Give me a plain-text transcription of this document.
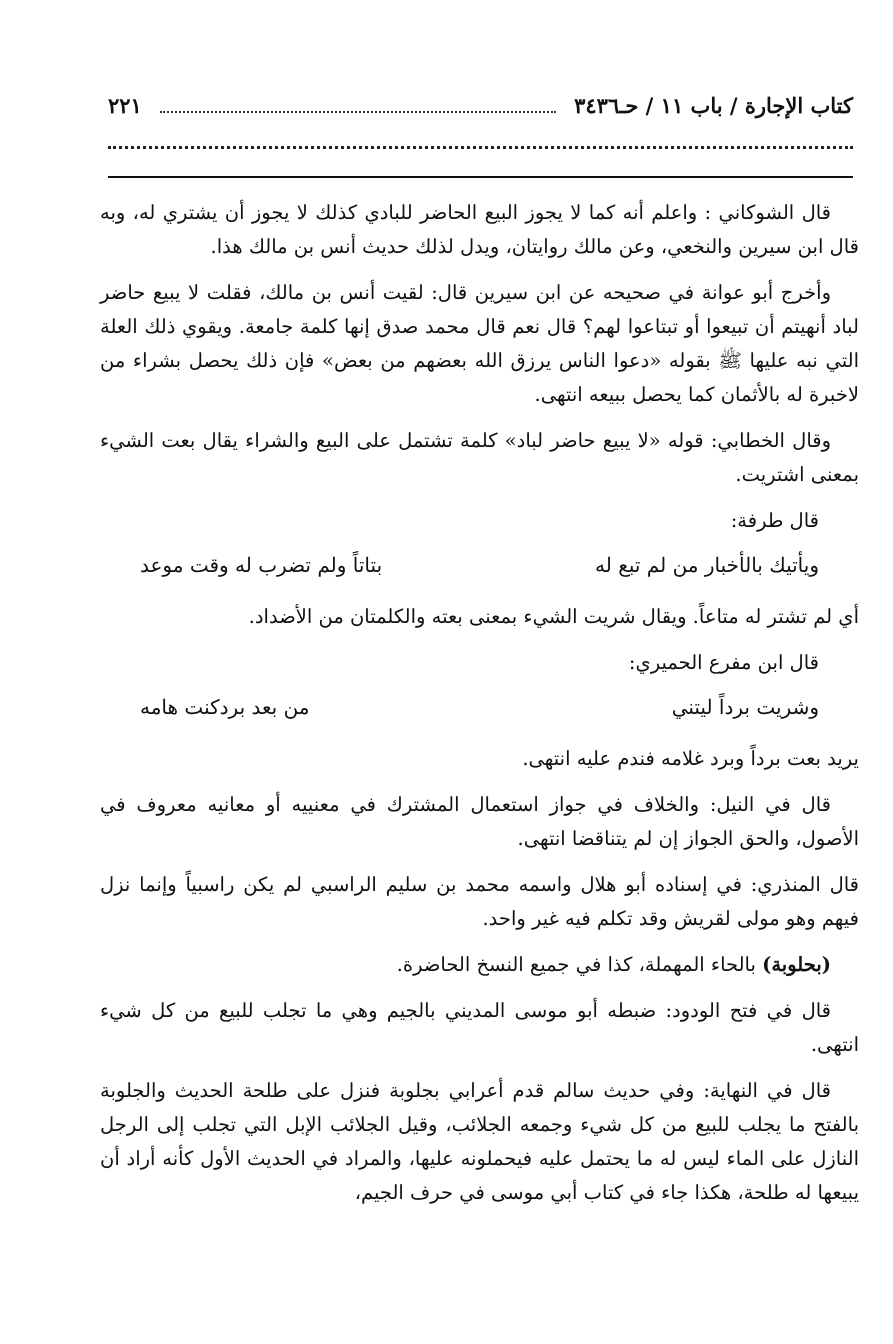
كتاب الإجارة / باب ١١ / حـ٣٤٣٦
٢٢١

قال الشوكاني : واعلم أنه كما لا يجوز البيع الحاضر للبادي كذلك لا يجوز أن يشتري له، وبه قال ابن سيرين والنخعي، وعن مالك روايتان، ويدل لذلك حديث أنس بن مالك هذا.

وأخرج أبو عوانة في صحيحه عن ابن سيرين قال: لقيت أنس بن مالك، فقلت لا يبيع حاضر لباد أنهيتم أن تبيعوا أو تبتاعوا لهم؟ قال نعم قال محمد صدق إنها كلمة جامعة. ويقوي ذلك العلة التي نبه عليها ﷺ بقوله «دعوا الناس يرزق الله بعضهم من بعض» فإن ذلك يحصل بشراء من لاخبرة له بالأثمان كما يحصل ببيعه انتهى.

وقال الخطابي: قوله «لا يبيع حاضر لباد» كلمة تشتمل على البيع والشراء يقال بعت الشيء بمعنى اشتريت.

قال طرفة:

ويأتيك بالأخبار من لم تبع له
بتاتاً ولم تضرب له وقت موعد

أي لم تشتر له متاعاً. ويقال شريت الشيء بمعنى بعته والكلمتان من الأضداد.

قال ابن مفرع الحميري:

وشريت برداً ليتني
من بعد بردكنت هامه

يريد بعت برداً وبرد غلامه فندم عليه انتهى.

قال في النيل: والخلاف في جواز استعمال المشترك في معنييه أو معانيه معروف في الأصول، والحق الجواز إن لم يتناقضا انتهى.

قال المنذري: في إسناده أبو هلال واسمه محمد بن سليم الراسبي لم يكن راسبياً وإنما نزل فيهم وهو مولى لقريش وقد تكلم فيه غير واحد.

(بحلوبة) بالحاء المهملة، كذا في جميع النسخ الحاضرة.

قال في فتح الودود: ضبطه أبو موسى المديني بالجيم وهي ما تجلب للبيع من كل شيء انتهى.

قال في النهاية: وفي حديث سالم قدم أعرابي بجلوبة فنزل على طلحة الحديث والجلوبة بالفتح ما يجلب للبيع من كل شيء وجمعه الجلائب، وقيل الجلائب الإبل التي تجلب إلى الرجل النازل على الماء ليس له ما يحتمل عليه فيحملونه عليها، والمراد في الحديث الأول كأنه أراد أن يبيعها له طلحة، هكذا جاء في كتاب أبي موسى في حرف الجيم،
